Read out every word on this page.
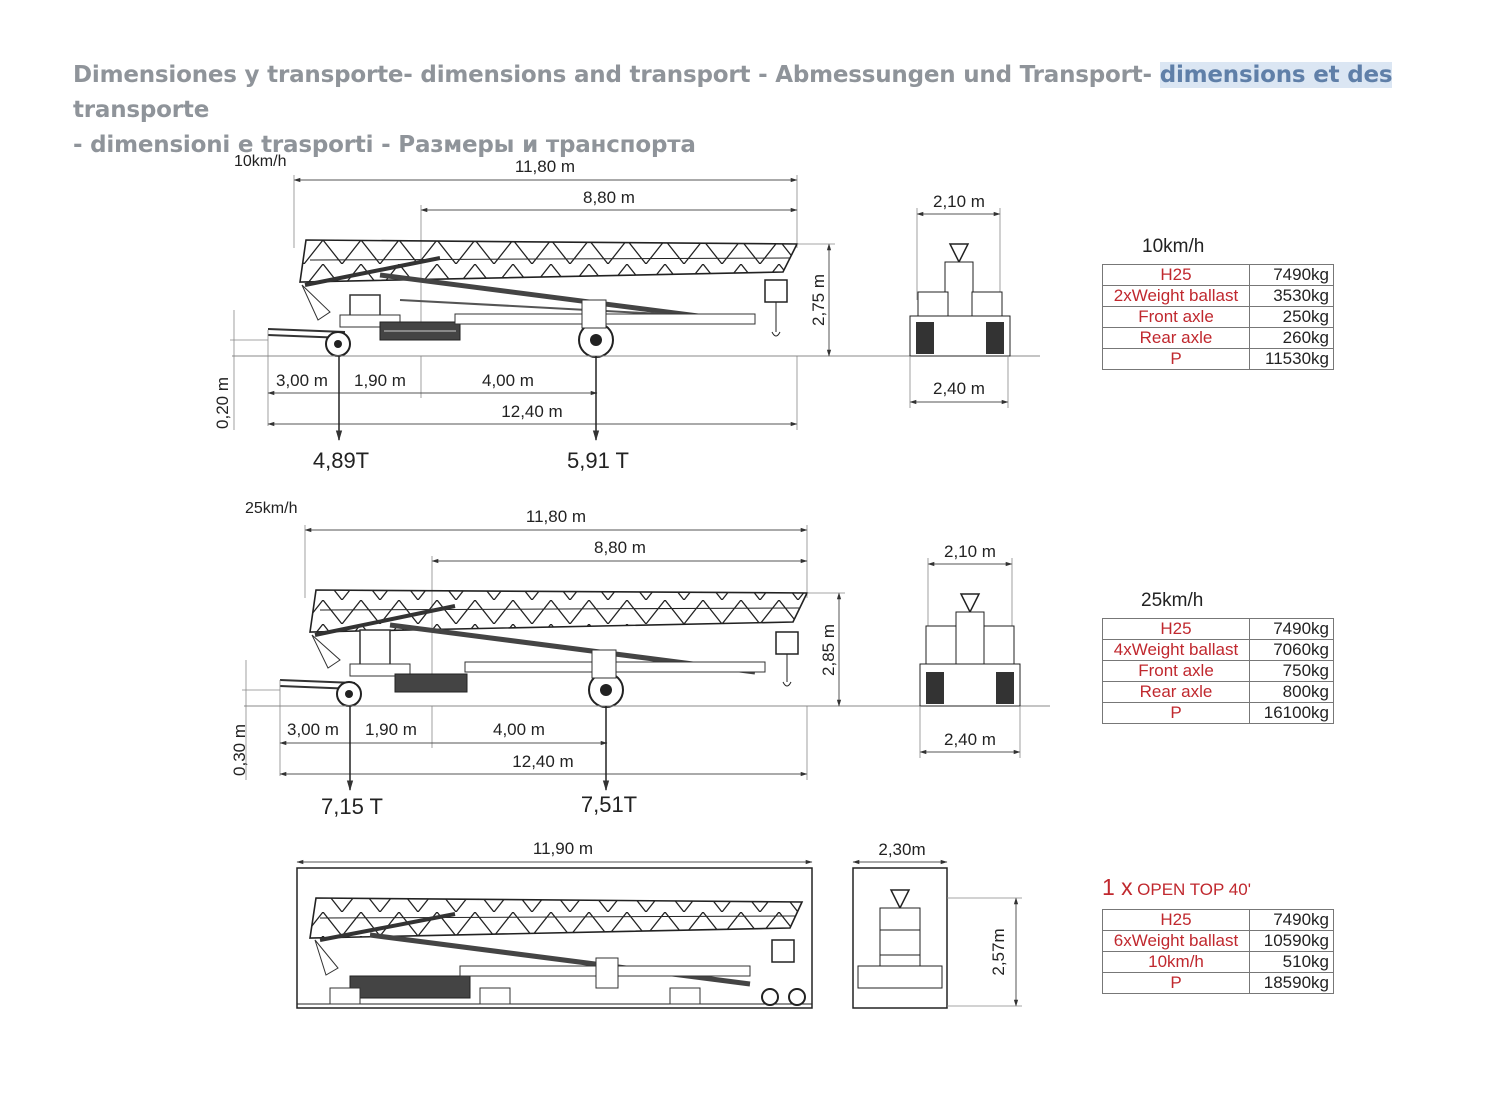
Dimensiones y transporte- dimensions and transport - Abmessungen und Transport- dimensions et des transporte
- dimensioni e trasporti - Размеры и транспорта
10km/h	11,80 m
8,80 m
2,75 m
0,20 m	3,00 m 1,90 m	4,00 m
12,40 m
4,89T	5,91 T
2,10 m
2,40 m
10km/h
25km/h	11,80 m
8,80 m
2,85 m
0,30 m 3,00 m 1,90 m	4,00 m
12,40 m
7,15 T	7,51T
2,10 m
2,40 m
25km/h
11,90 m	2,30m
2,57m
H25	7490kg
2xWeight ballast	3530kg
Front axle	250kg
Rear axle	260kg
P	11530kg
H25	7490kg
4xWeight ballast	7060kg
Front axle	750kg
Rear axle	800kg
P	16100kg
1 x OPEN TOP 40'
H25	7490kg
6xWeight ballast	10590kg
10km/h	510kg
P	18590kg
